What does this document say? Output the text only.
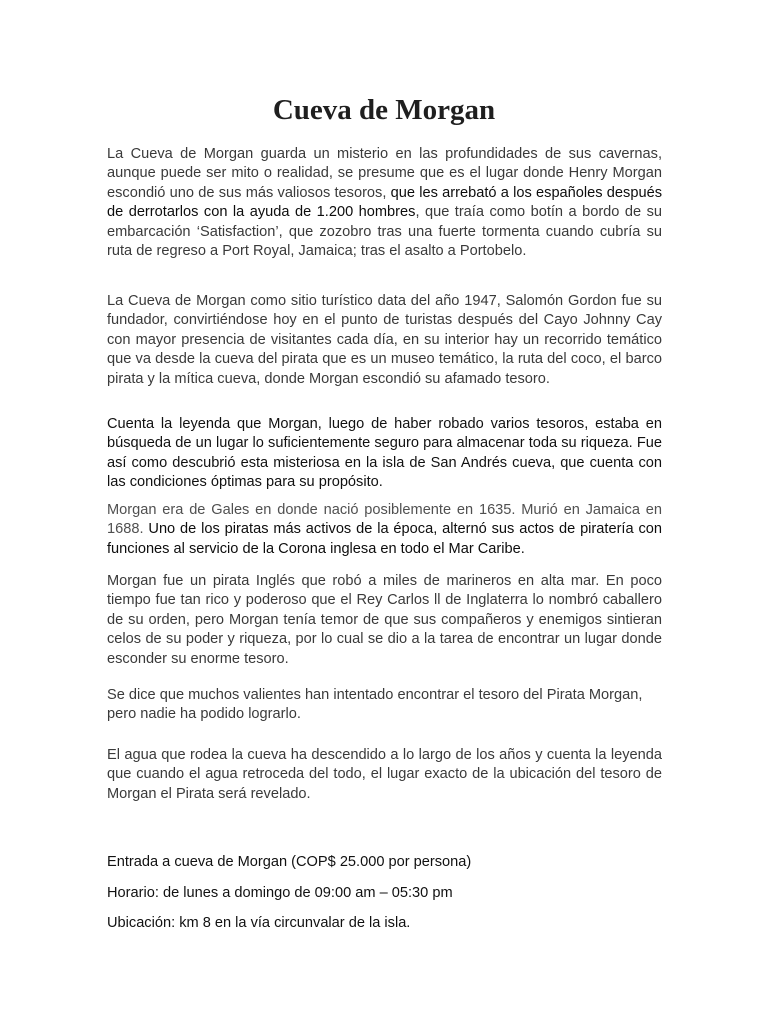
Cueva de Morgan

La Cueva de Morgan guarda un misterio en las profundidades de sus cavernas, aunque puede ser mito o realidad, se presume que es el lugar donde Henry Morgan escondió uno de sus más valiosos tesoros, que les arrebató a los españoles después de derrotarlos con la ayuda de 1.200 hombres, que traía como botín a bordo de su embarcación ‘Satisfaction’, que zozobro tras una fuerte tormenta cuando cubría su ruta de regreso a Port Royal, Jamaica; tras el asalto a Portobelo.

La Cueva de Morgan como sitio turístico data del año 1947, Salomón Gordon fue su fundador, convirtiéndose hoy en el punto de turistas después del Cayo Johnny Cay con mayor presencia de visitantes cada día, en su interior hay un recorrido temático que va desde la cueva del pirata que es un museo temático, la ruta del coco, el barco pirata y la mítica cueva, donde Morgan escondió su afamado tesoro.

Cuenta la leyenda que Morgan, luego de haber robado varios tesoros, estaba en búsqueda de un lugar lo suficientemente seguro para almacenar toda su riqueza. Fue así como descubrió esta misteriosa en la isla de San Andrés cueva, que cuenta con las condiciones óptimas para su propósito.

Morgan era de Gales en donde nació posiblemente en 1635. Murió en Jamaica en 1688. Uno de los piratas más activos de la época, alternó sus actos de piratería con funciones al servicio de la Corona inglesa en todo el Mar Caribe.

Morgan fue un pirata Inglés que robó a miles de marineros en alta mar. En poco tiempo fue tan rico y poderoso que el Rey Carlos ll de Inglaterra lo nombró caballero de su orden, pero Morgan tenía temor de que sus compañeros y enemigos sintieran celos de su poder y riqueza, por lo cual se dio a la tarea de encontrar un lugar donde esconder su enorme tesoro.

Se dice que muchos valientes han intentado encontrar el tesoro del Pirata Morgan, pero nadie ha podido lograrlo.

El agua que rodea la cueva ha descendido a lo largo de los años y cuenta la leyenda que cuando el agua retroceda del todo, el lugar exacto de la ubicación del tesoro de Morgan el Pirata será revelado.

Entrada a cueva de Morgan (COP$ 25.000 por persona)

Horario: de lunes a domingo de 09:00 am – 05:30 pm

Ubicación: km 8 en la vía circunvalar de la isla.
